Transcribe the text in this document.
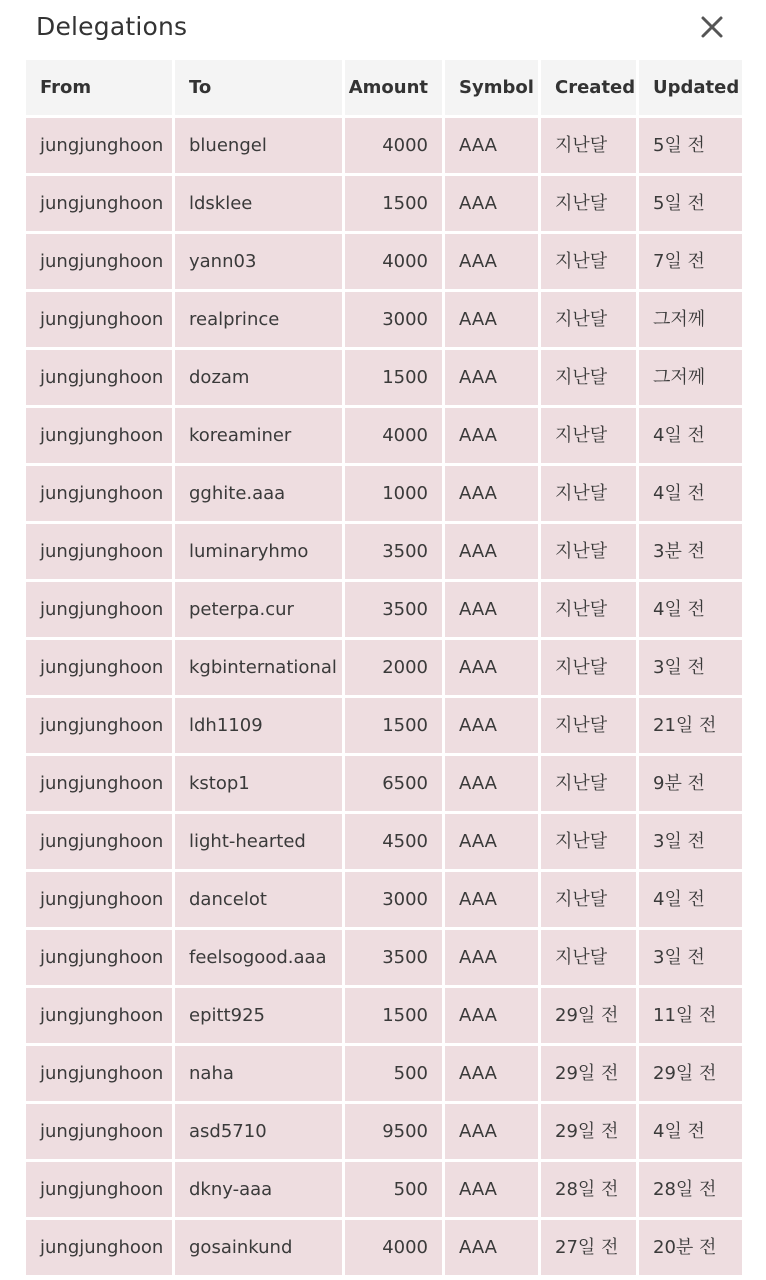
Delegations
From	To	Amount	Symbol	Created	Updated
jungjunghoon	bluengel	4000	AAA	지난달	5일 전
jungjunghoon	ldsklee	1500	AAA	지난달	5일 전
jungjunghoon	yann03	4000	AAA	지난달	7일 전
jungjunghoon	realprince	3000	AAA	지난달	그저께
jungjunghoon	dozam	1500	AAA	지난달	그저께
jungjunghoon	koreaminer	4000	AAA	지난달	4일 전
jungjunghoon	gghite.aaa	1000	AAA	지난달	4일 전
jungjunghoon	luminaryhmo	3500	AAA	지난달	3분 전
jungjunghoon	peterpa.cur	3500	AAA	지난달	4일 전
jungjunghoon	kgbinternational	2000	AAA	지난달	3일 전
jungjunghoon	ldh1109	1500	AAA	지난달	21일 전
jungjunghoon	kstop1	6500	AAA	지난달	9분 전
jungjunghoon	light-hearted	4500	AAA	지난달	3일 전
jungjunghoon	dancelot	3000	AAA	지난달	4일 전
jungjunghoon	feelsogood.aaa	3500	AAA	지난달	3일 전
jungjunghoon	epitt925	1500	AAA	29일 전	11일 전
jungjunghoon	naha	500	AAA	29일 전	29일 전
jungjunghoon	asd5710	9500	AAA	29일 전	4일 전
jungjunghoon	dkny-aaa	500	AAA	28일 전	28일 전
jungjunghoon	gosainkund	4000	AAA	27일 전	20분 전
